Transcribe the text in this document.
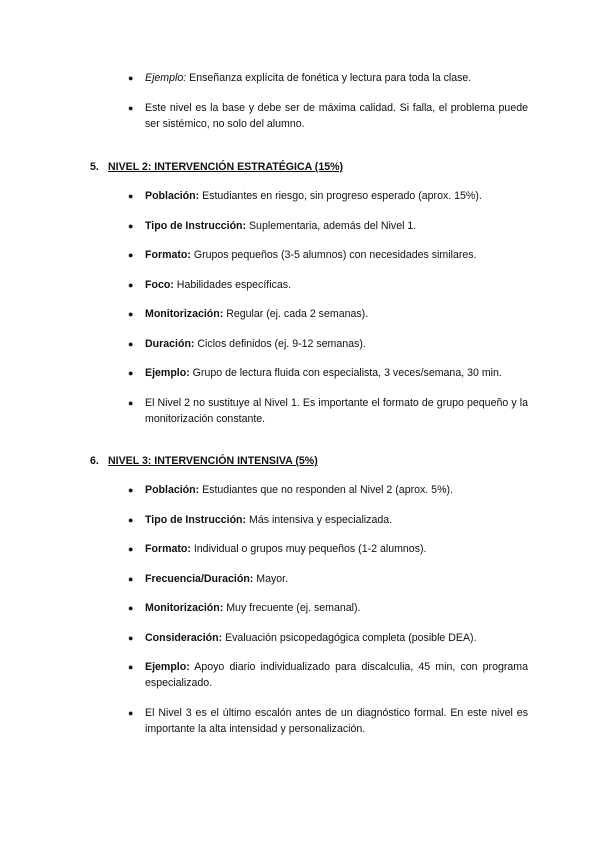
● Ejemplo: Enseñanza explícita de fonética y lectura para toda la clase.
● Este nivel es la base y debe ser de máxima calidad. Si falla, el problema puede ser sistémico, no solo del alumno.
5. NIVEL 2: INTERVENCIÓN ESTRATÉGICA (15%)
● Población: Estudiantes en riesgo, sin progreso esperado (aprox. 15%).
● Tipo de Instrucción: Suplementaria, además del Nivel 1.
● Formato: Grupos pequeños (3-5 alumnos) con necesidades similares.
● Foco: Habilidades específicas.
● Monitorización: Regular (ej. cada 2 semanas).
● Duración: Ciclos definidos (ej. 9-12 semanas).
● Ejemplo: Grupo de lectura fluida con especialista, 3 veces/semana, 30 min.
● El Nivel 2 no sustituye al Nivel 1. Es importante el formato de grupo pequeño y la monitorización constante.
6. NIVEL 3: INTERVENCIÓN INTENSIVA (5%)
● Población: Estudiantes que no responden al Nivel 2 (aprox. 5%).
● Tipo de Instrucción: Más intensiva y especializada.
● Formato: Individual o grupos muy pequeños (1-2 alumnos).
● Frecuencia/Duración: Mayor.
● Monitorización: Muy frecuente (ej. semanal).
● Consideración: Evaluación psicopedagógica completa (posible DEA).
● Ejemplo: Apoyo diario individualizado para discalculia, 45 min, con programa especializado.
● El Nivel 3 es el último escalón antes de un diagnóstico formal. En este nivel es importante la alta intensidad y personalización.
